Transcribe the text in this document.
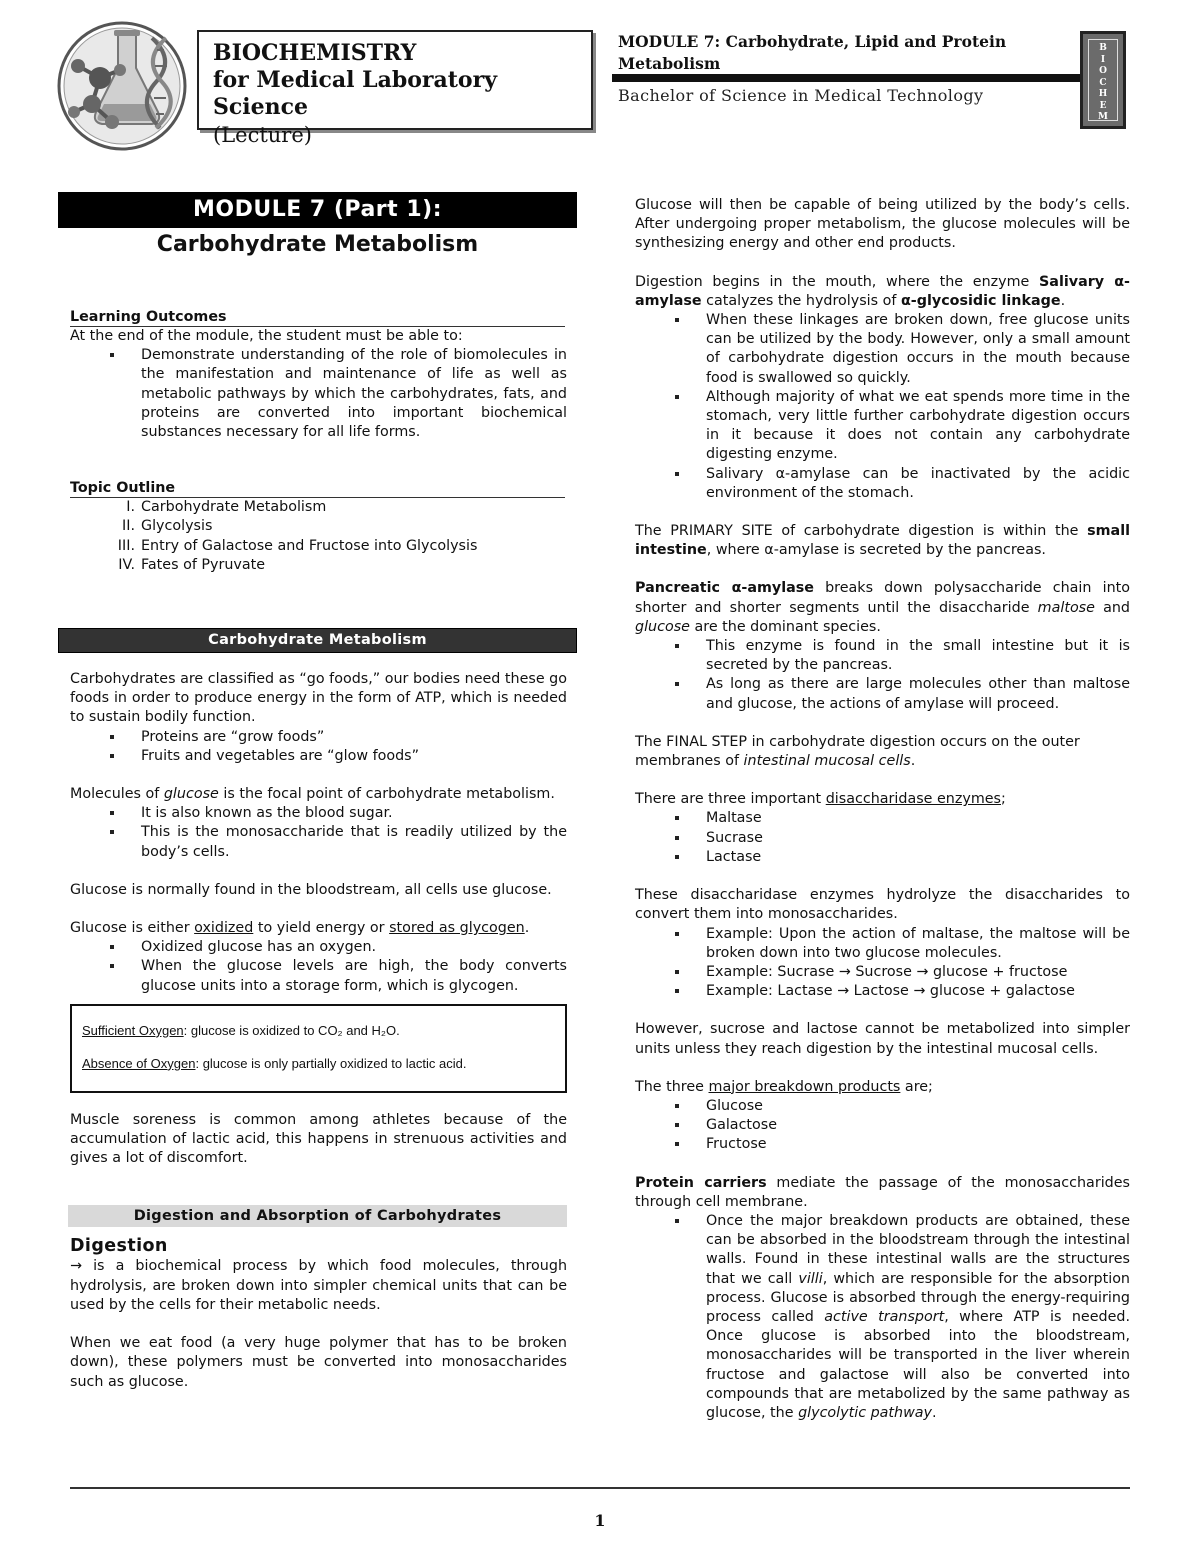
BIOCHEMISTRY
for Medical Laboratory Science
(Lecture)
MODULE 7: Carbohydrate, Lipid and Protein Metabolism
Bachelor of Science in Medical Technology
B
I
O
C
H
E
M
MODULE 7 (Part 1):
Carbohydrate Metabolism
Learning Outcomes
At the end of the module, the student must be able to:
Demonstrate understanding of the role of biomolecules in the manifestation and maintenance of life as well as metabolic pathways by which the carbohydrates, fats, and proteins are converted into important biochemical substances necessary for all life forms.
Topic Outline
I. Carbohydrate Metabolism
II. Glycolysis
III. Entry of Galactose and Fructose into Glycolysis
IV. Fates of Pyruvate
Carbohydrate Metabolism

Carbohydrates are classified as “go foods,” our bodies need these go foods in order to produce energy in the form of ATP, which is needed to sustain bodily function.

Proteins are “grow foods”
Fruits and vegetables are “glow foods”

Molecules of glucose is the focal point of carbohydrate metabolism.

It is also known as the blood sugar.
This is the monosaccharide that is readily utilized by the body’s cells.

Glucose is normally found in the bloodstream, all cells use glucose.

Glucose is either oxidized to yield energy or stored as glycogen.

Oxidized glucose has an oxygen.
When the glucose levels are high, the body converts glucose units into a storage form, which is glycogen.
Sufficient Oxygen: glucose is oxidized to CO₂ and H₂O.
Absence of Oxygen: glucose is only partially oxidized to lactic acid.

Muscle soreness is common among athletes because of the accumulation of lactic acid, this happens in strenuous activities and gives a lot of discomfort.

Digestion and Absorption of Carbohydrates
Digestion

→ is a biochemical process by which food molecules, through hydrolysis, are broken down into simpler chemical units that can be used by the cells for their metabolic needs.

When we eat food (a very huge polymer that has to be broken down), these polymers must be converted into monosaccharides such as glucose.

Glucose will then be capable of being utilized by the body’s cells. After undergoing proper metabolism, the glucose molecules will be synthesizing energy and other end products.

Digestion begins in the mouth, where the enzyme Salivary α-amylase catalyzes the hydrolysis of α-glycosidic linkage.

When these linkages are broken down, free glucose units can be utilized by the body. However, only a small amount of carbohydrate digestion occurs in the mouth because food is swallowed so quickly.
Although majority of what we eat spends more time in the stomach, very little further carbohydrate digestion occurs in it because it does not contain any carbohydrate digesting enzyme.
Salivary α-amylase can be inactivated by the acidic environment of the stomach.

The PRIMARY SITE of carbohydrate digestion is within the small intestine, where α-amylase is secreted by the pancreas.

Pancreatic α-amylase breaks down polysaccharide chain into shorter and shorter segments until the disaccharide maltose and glucose are the dominant species.

This enzyme is found in the small intestine but it is secreted by the pancreas.
As long as there are large molecules other than maltose and glucose, the actions of amylase will proceed.

The FINAL STEP in carbohydrate digestion occurs on the outer membranes of intestinal mucosal cells.

There are three important disaccharidase enzymes;

Maltase
Sucrase
Lactase

These disaccharidase enzymes hydrolyze the disaccharides to convert them into monosaccharides.

Example: Upon the action of maltase, the maltose will be broken down into two glucose molecules.
Example: Sucrase → Sucrose → glucose + fructose
Example: Lactase → Lactose → glucose + galactose

However, sucrose and lactose cannot be metabolized into simpler units unless they reach digestion by the intestinal mucosal cells.

The three major breakdown products are;

Glucose
Galactose
Fructose

Protein carriers mediate the passage of the monosaccharides through cell membrane.

Once the major breakdown products are obtained, these can be absorbed in the bloodstream through the intestinal walls. Found in these intestinal walls are the structures that we call villi, which are responsible for the absorption process. Glucose is absorbed through the energy-requiring process called active transport, where ATP is needed. Once glucose is absorbed into the bloodstream, monosaccharides will be transported in the liver wherein fructose and galactose will also be converted into compounds that are metabolized by the same pathway as glucose, the glycolytic pathway.
1
